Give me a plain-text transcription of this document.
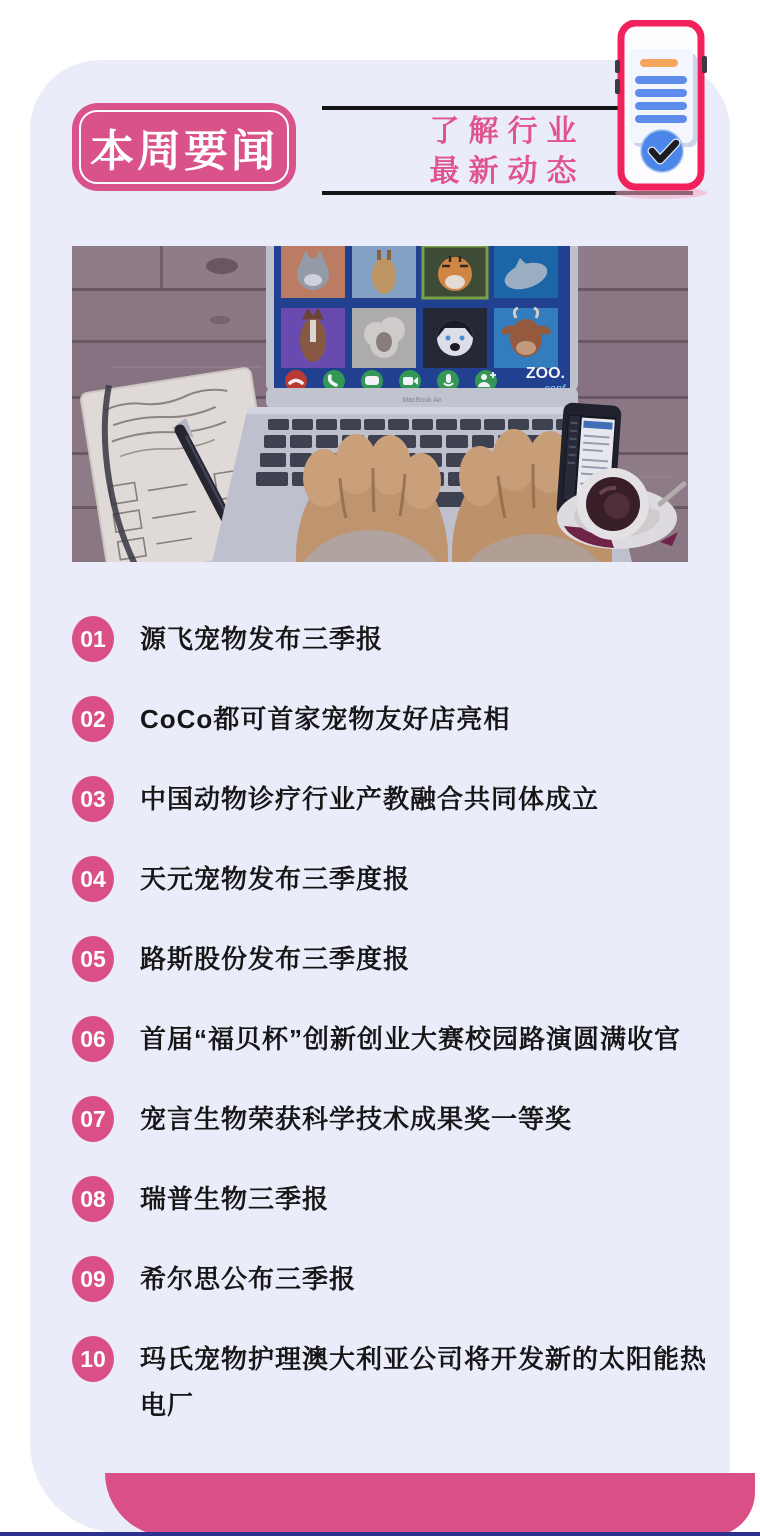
本周要闻	了解行业
最新动态
ZOO.
MacBook Air
01	源飞宠物发布三季报
02	CoCo都可首家宠物友好店亮相
03	中国动物诊疗行业产教融合共同体成立
04	天元宠物发布三季度报
05	路斯股份发布三季度报
06	首届“福贝杯”创新创业大赛校园路演圆满收官
07	宠言生物荣获科学技术成果奖一等奖
08	瑞普生物三季报
09	希尔思公布三季报
10	玛氏宠物护理澳大利亚公司将开发新的太阳能热电厂
